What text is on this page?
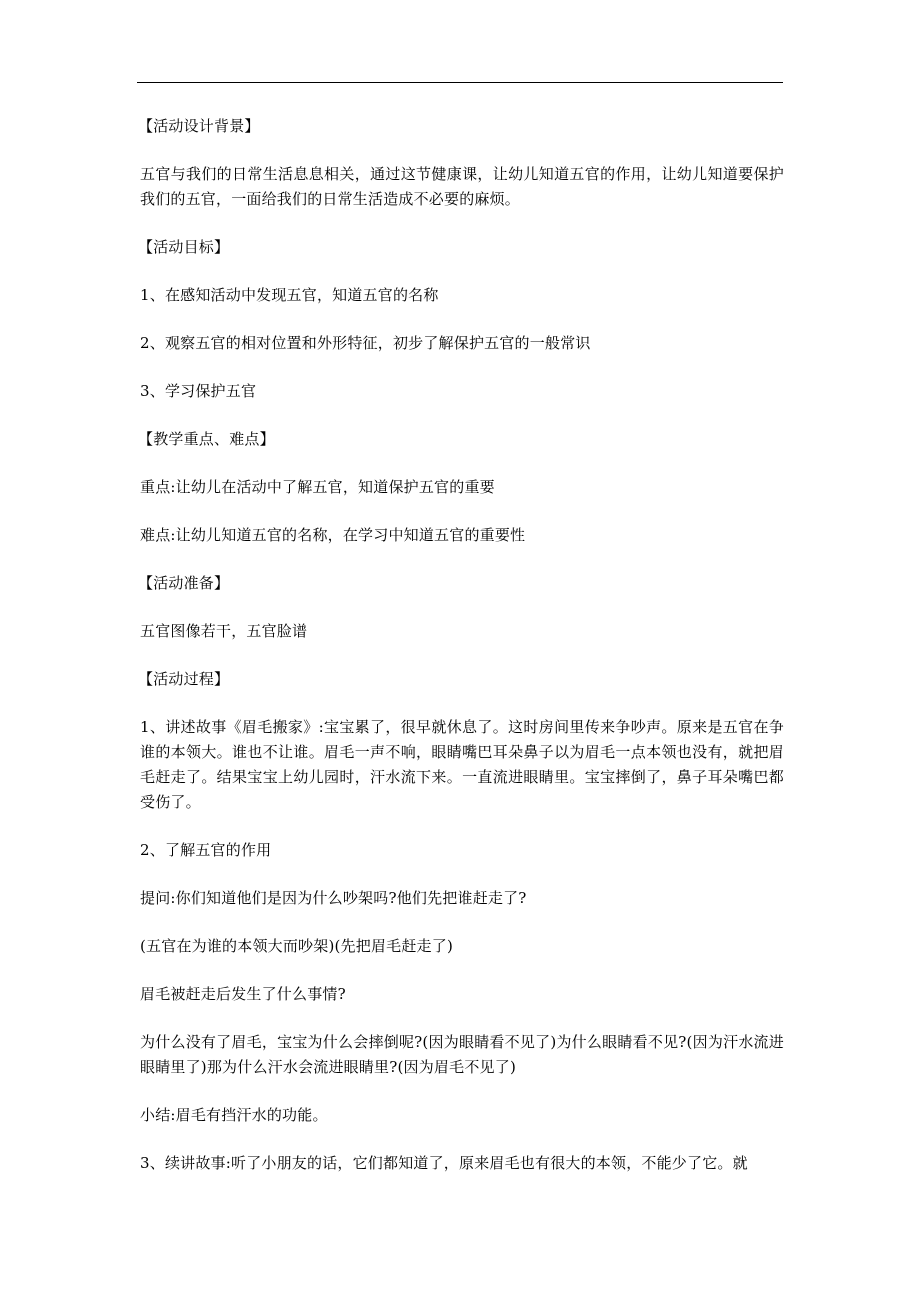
【活动设计背景】

五官与我们的日常生活息息相关，通过这节健康课，让幼儿知道五官的作用，让幼儿知道要保护我们的五官，一面给我们的日常生活造成不必要的麻烦。

【活动目标】

1、在感知活动中发现五官，知道五官的名称

2、观察五官的相对位置和外形特征，初步了解保护五官的一般常识

3、学习保护五官

【教学重点、难点】

重点:让幼儿在活动中了解五官，知道保护五官的重要

难点:让幼儿知道五官的名称，在学习中知道五官的重要性

【活动准备】

五官图像若干，五官脸谱

【活动过程】

1、讲述故事《眉毛搬家》:宝宝累了，很早就休息了。这时房间里传来争吵声。原来是五官在争谁的本领大。谁也不让谁。眉毛一声不响，眼睛嘴巴耳朵鼻子以为眉毛一点本领也没有，就把眉毛赶走了。结果宝宝上幼儿园时，汗水流下来。一直流进眼睛里。宝宝摔倒了，鼻子耳朵嘴巴都受伤了。

2、了解五官的作用

提问:你们知道他们是因为什么吵架吗?他们先把谁赶走了?

(五官在为谁的本领大而吵架)(先把眉毛赶走了)

眉毛被赶走后发生了什么事情?

为什么没有了眉毛，宝宝为什么会摔倒呢?(因为眼睛看不见了)为什么眼睛看不见?(因为汗水流进眼睛里了)那为什么汗水会流进眼睛里?(因为眉毛不见了)

小结:眉毛有挡汗水的功能。

3、续讲故事:听了小朋友的话，它们都知道了，原来眉毛也有很大的本领，不能少了它。就
